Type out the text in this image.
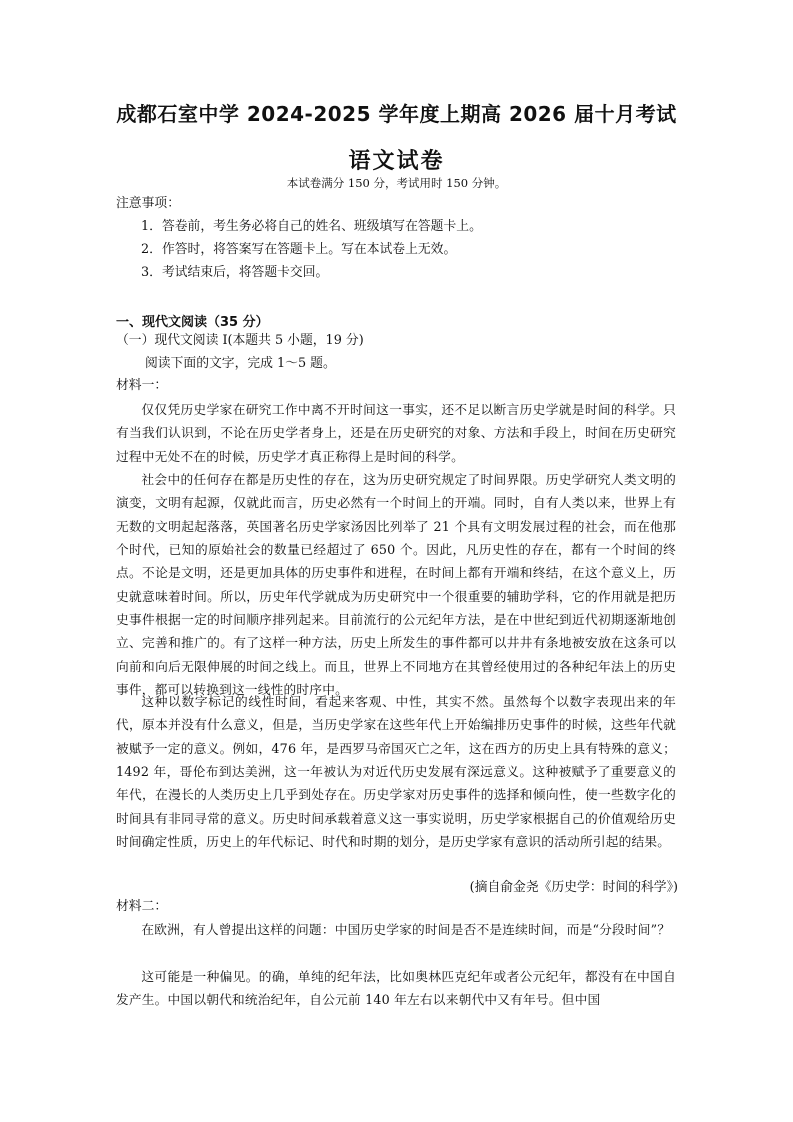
成都石室中学 2024-2025 学年度上期高 2026 届十月考试
语文试卷
本试卷满分 150 分，考试用时 150 分钟。
注意事项：
1．答卷前，考生务必将自己的姓名、班级填写在答题卡上。
2．作答时，将答案写在答题卡上。写在本试卷上无效。
3．考试结束后，将答题卡交回。
一、现代文阅读（35 分）
（一）现代文阅读 I(本题共 5 小题，19 分)
阅读下面的文字，完成 1～5 题。
材料一：

仅仅凭历史学家在研究工作中离不开时间这一事实，还不足以断言历史学就是时间的科学。只有当我们认识到，不论在历史学者身上，还是在历史研究的对象、方法和手段上，时间在历史研究过程中无处不在的时候，历史学才真正称得上是时间的科学。

社会中的任何存在都是历史性的存在，这为历史研究规定了时间界限。历史学研究人类文明的演变，文明有起源，仅就此而言，历史必然有一个时间上的开端。同时，自有人类以来，世界上有无数的文明起起落落，英国著名历史学家汤因比列举了 21 个具有文明发展过程的社会，而在他那个时代，已知的原始社会的数量已经超过了 650 个。因此，凡历史性的存在，都有一个时间的终点。不论是文明，还是更加具体的历史事件和进程，在时间上都有开端和终结，在这个意义上，历史就意味着时间。所以，历史年代学就成为历史研究中一个很重要的辅助学科，它的作用就是把历史事件根据一定的时间顺序排列起来。目前流行的公元纪年方法，是在中世纪到近代初期逐渐地创立、完善和推广的。有了这样一种方法，历史上所发生的事件都可以井井有条地被安放在这条可以向前和向后无限伸展的时间之线上。而且，世界上不同地方在其曾经使用过的各种纪年法上的历史事件，都可以转换到这一线性的时序中。

这种以数字标记的线性时间，看起来客观、中性，其实不然。虽然每个以数字表现出来的年代，原本并没有什么意义，但是，当历史学家在这些年代上开始编排历史事件的时候，这些年代就被赋予一定的意义。例如，476 年，是西罗马帝国灭亡之年，这在西方的历史上具有特殊的意义；1492 年，哥伦布到达美洲，这一年被认为对近代历史发展有深远意义。这种被赋予了重要意义的年代，在漫长的人类历史上几乎到处存在。历史学家对历史事件的选择和倾向性，使一些数字化的时间具有非同寻常的意义。历史时间承载着意义这一事实说明，历史学家根据自己的价值观给历史时间确定性质，历史上的年代标记、时代和时期的划分，是历史学家有意识的活动所引起的结果。

(摘自俞金尧《历史学：时间的科学》)
材料二：

在欧洲，有人曾提出这样的问题：中国历史学家的时间是否不是连续时间，而是“分段时间”？

这可能是一种偏见。的确，单纯的纪年法，比如奥林匹克纪年或者公元纪年，都没有在中国自发产生。中国以朝代和统治纪年，自公元前 140 年左右以来朝代中又有年号。但中国
